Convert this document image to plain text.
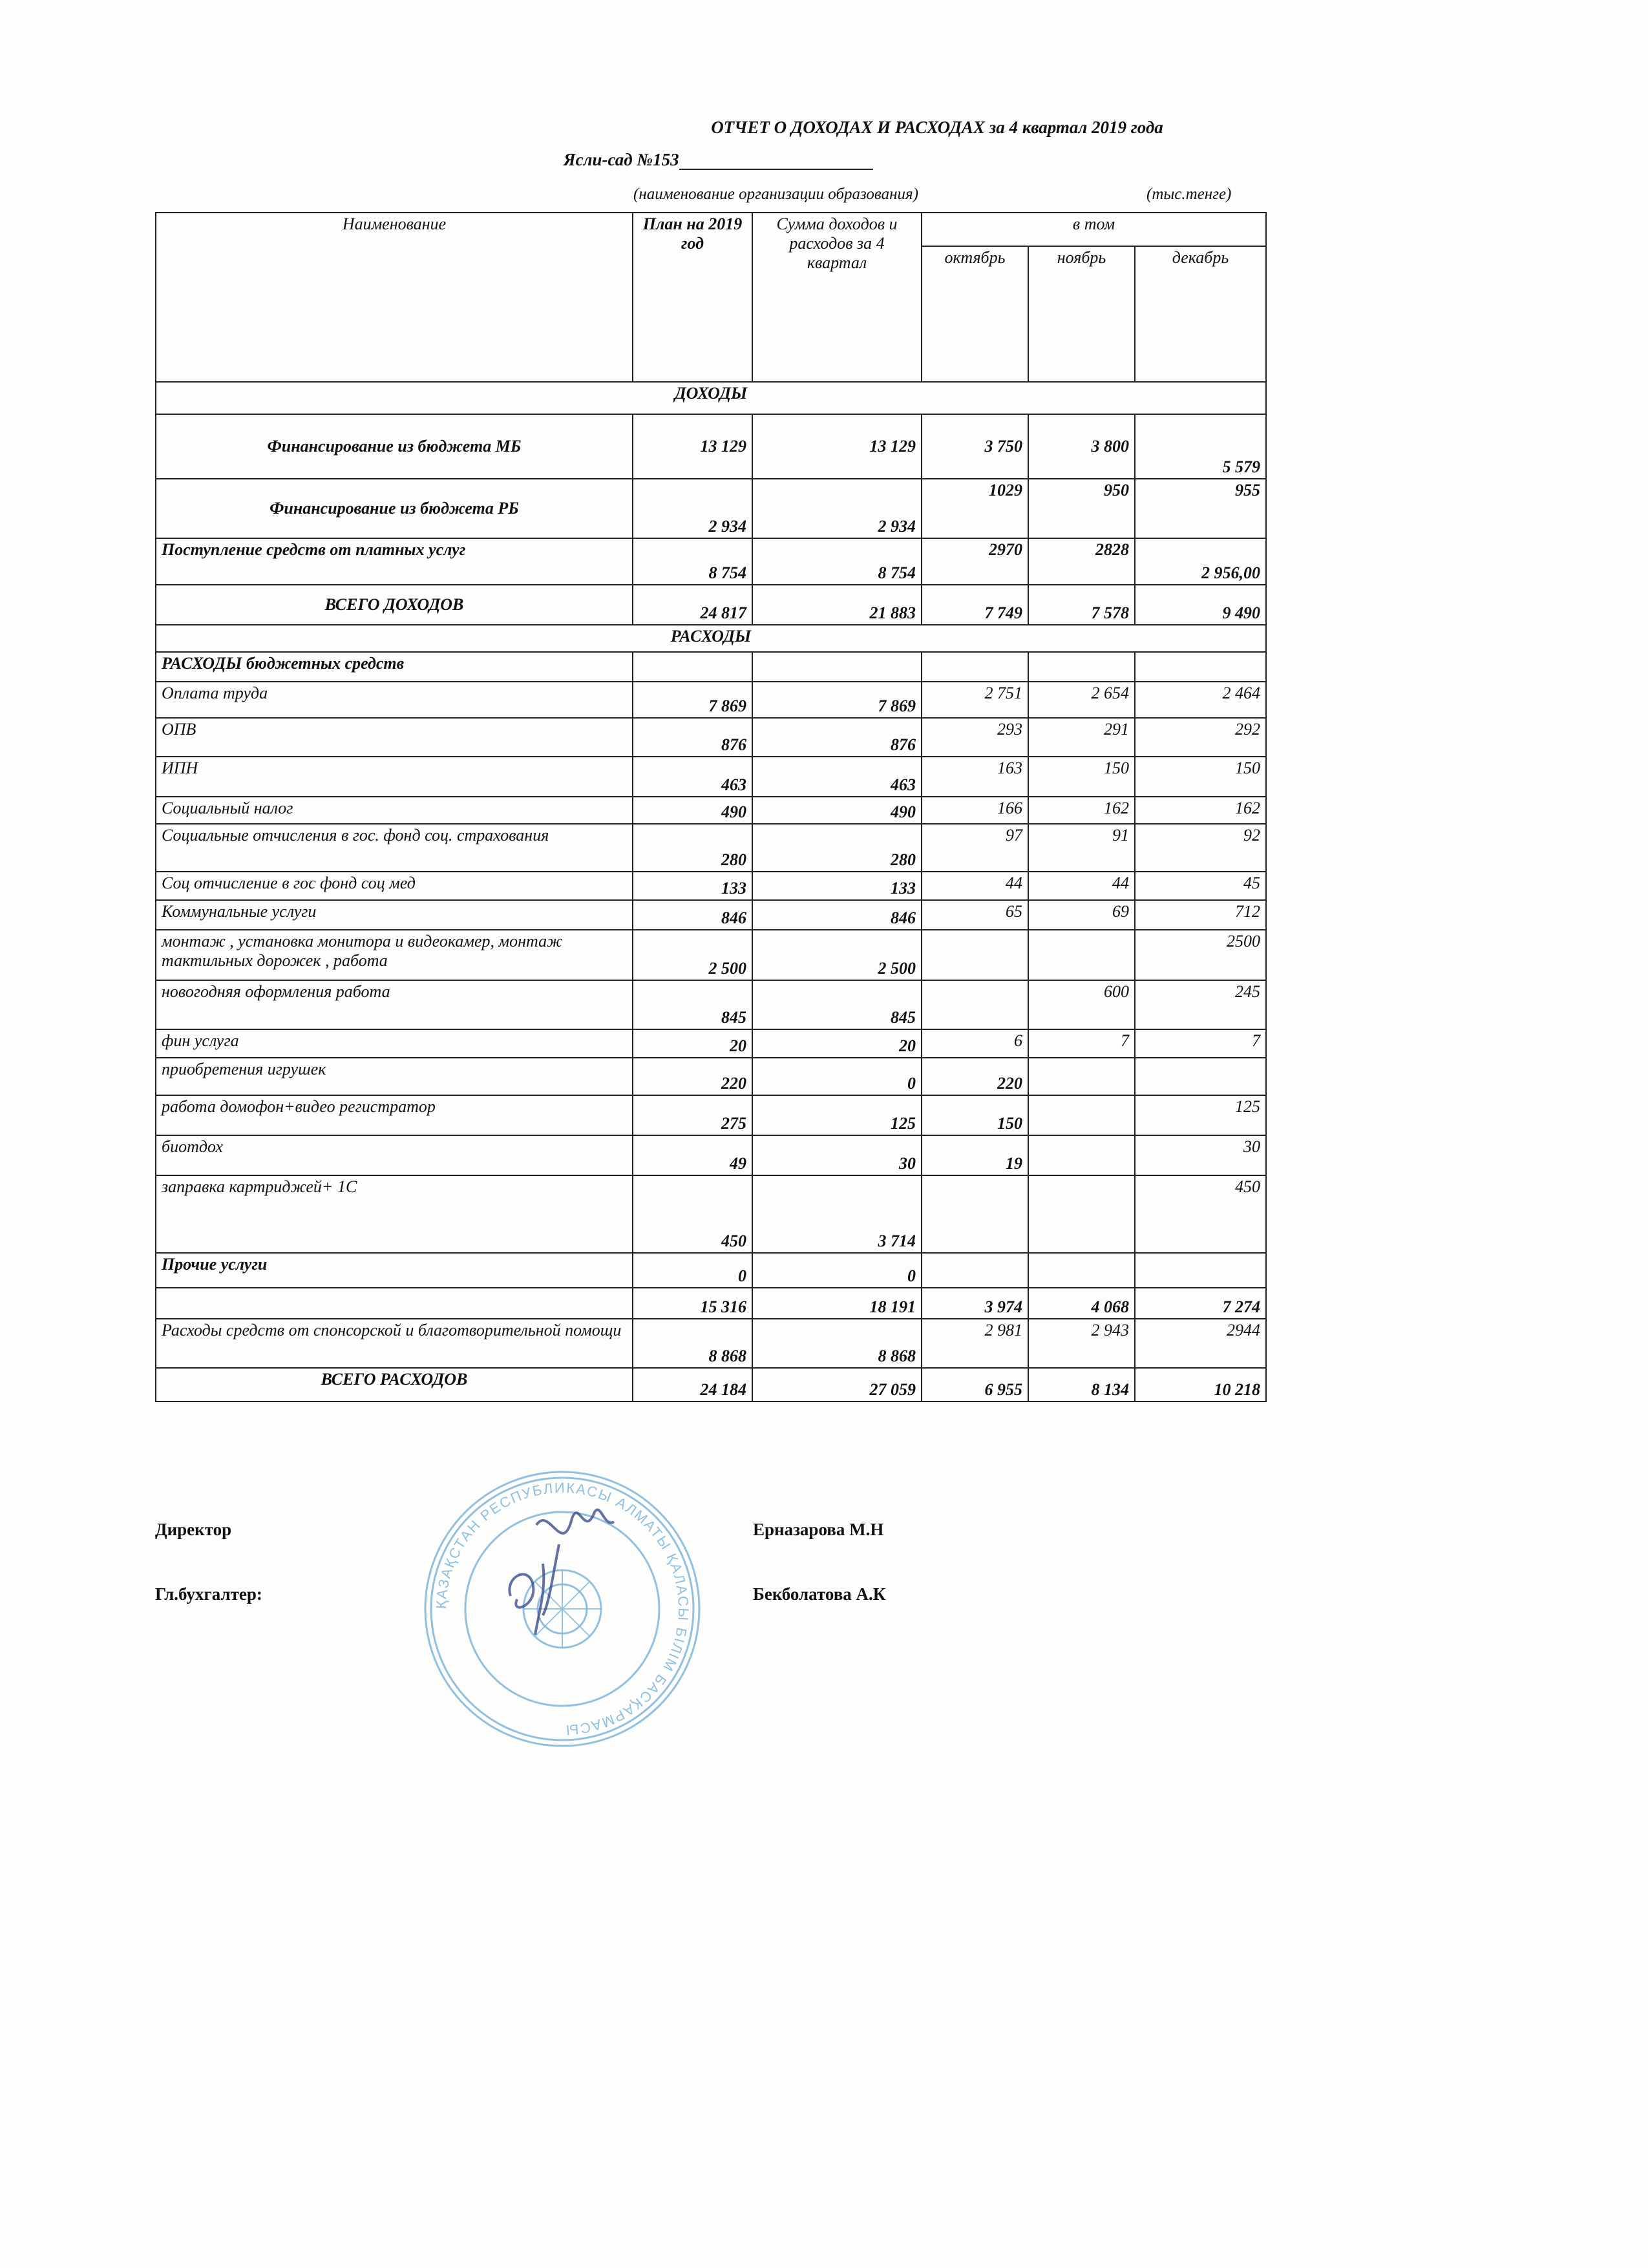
ОТЧЕТ О ДОХОДАХ И РАСХОДАХ за 4 квартал 2019 года
Ясли-сад №153
(наименование организации образования)	(тыс.тенге)
Наименование	План на 2019 год	Сумма доходов и расходов за 4 квартал	в том		
			октябрь	ноябрь	декабрь
ДОХОДЫ					
Финансирование из бюджета МБ	13 129	13 129	3 750	3 800	5 579
Финансирование из бюджета РБ	2 934	2 934	1029	950	955
Поступление средств от платных услуг	8 754	8 754	2970	2828	2 956,00
ВСЕГО ДОХОДОВ	24 817	21 883	7 749	7 578	9 490
РАСХОДЫ					
РАСХОДЫ бюджетных средств					
Оплата труда	7 869	7 869	2 751	2 654	2 464
ОПВ	876	876	293	291	292
ИПН	463	463	163	150	150
Социальный налог	490	490	166	162	162
Социальные отчисления в гос. фонд соц. страхования	280	280	97	91	92
Соц отчисление в гос фонд соц мед	133	133	44	44	45
Коммунальные услуги	846	846	65	69	712
монтаж , установка монитора и видеокамер, монтаж тактильных дорожек , работа	2 500	2 500			2500
новогодняя оформления работа	845	845		600	245
фин услуга	20	20	6	7	7
приобретения игрушек	220	0	220		
работа домофон+видео регистратор	275	125	150		125
биотдох	49	30	19		30
заправка картриджей+ 1С	450	3 714			450
Прочие услуги	0	0			
	15 316	18 191	3 974	4 068	7 274
Расходы средств от спонсорской и благотворительной помощи	8 868	8 868	2 981	2 943	2944
ВСЕГО РАСХОДОВ	24 184	27 059	6 955	8 134	10 218
Директор	Ерназарова М.Н
Гл.бухгалтер:	Бекболатова А.К
ҚАЗАҚСТАН РЕСПУБЛИКАСЫ АЛМАТЫ ҚАЛАСЫ БІЛІМ БАСҚАРМАСЫ
